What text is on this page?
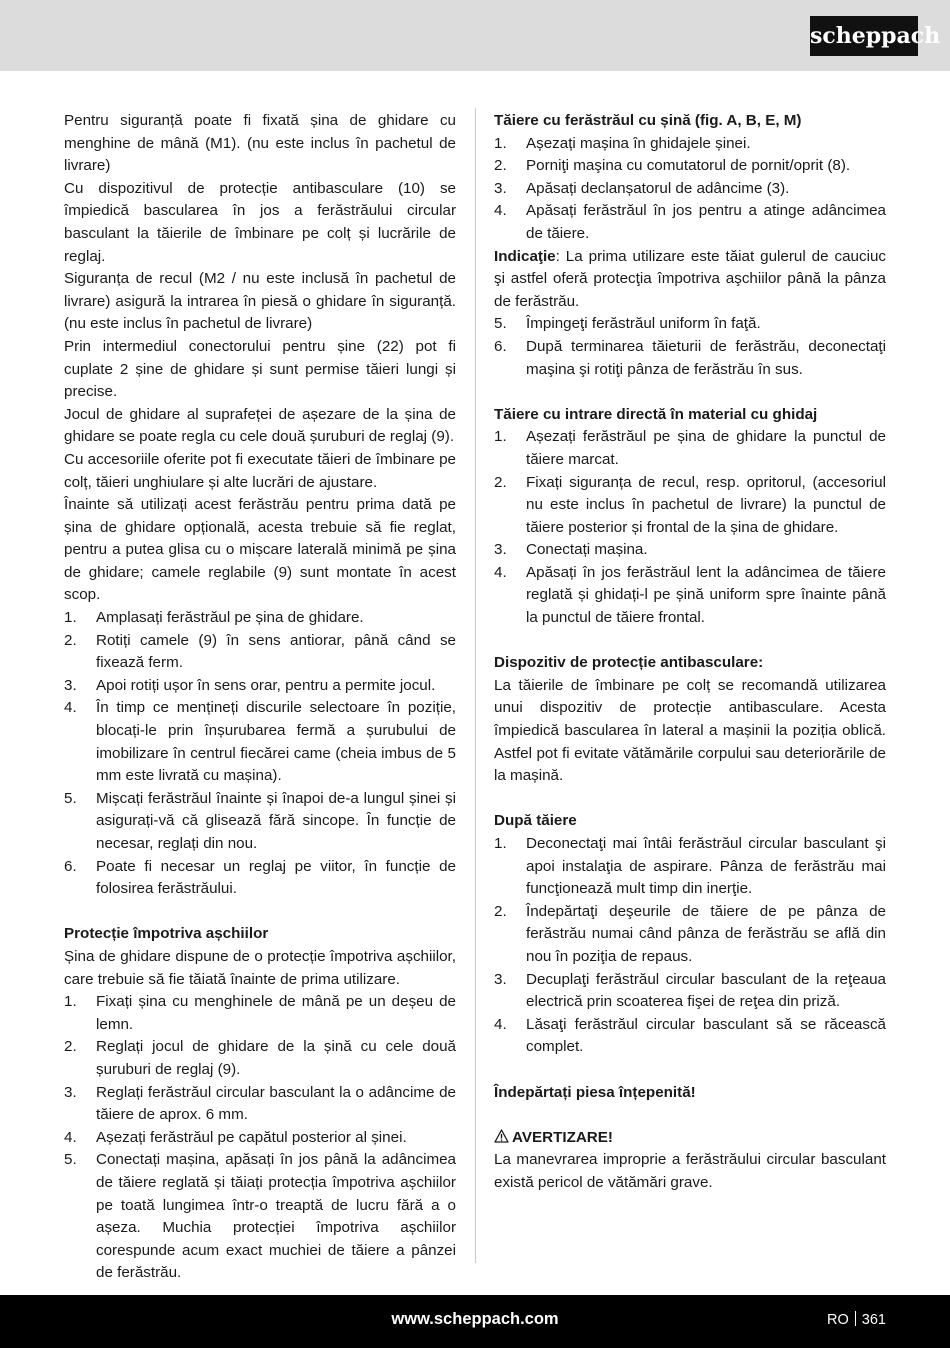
scheppach

Pentru siguranță poate fi fixată șina de ghidare cu menghine de mână (M1). (nu este inclus în pachetul de livrare)

Cu dispozitivul de protecție antibasculare (10) se împiedică bascularea în jos a ferăstrăului circular basculant la tăierile de îmbinare pe colț și lucrările de reglaj.

Siguranța de recul (M2 / nu este inclusă în pachetul de livrare) asigură la intrarea în piesă o ghidare în siguranță. (nu este inclus în pachetul de livrare)

Prin intermediul conectorului pentru șine (22) pot fi cuplate 2 șine de ghidare și sunt permise tăieri lungi și precise.

Jocul de ghidare al suprafeței de așezare de la șina de ghidare se poate regla cu cele două șuruburi de reglaj (9).

Cu accesoriile oferite pot fi executate tăieri de îmbinare pe colț, tăieri unghiulare și alte lucrări de ajustare.

Înainte să utilizați acest ferăstrău pentru prima dată pe șina de ghidare opțională, acesta trebuie să fie reglat, pentru a putea glisa cu o mișcare laterală minimă pe șina de ghidare; camele reglabile (9) sunt montate în acest scop.

1. Amplasați ferăstrăul pe șina de ghidare.
2. Rotiți camele (9) în sens antiorar, până când se fixează ferm.
3. Apoi rotiți ușor în sens orar, pentru a permite jocul.
4. În timp ce mențineți discurile selectoare în poziție, blocați-le prin înșurubarea fermă a șurubului de imobilizare în centrul fiecărei came (cheia imbus de 5 mm este livrată cu mașina).
5. Mișcați ferăstrăul înainte și înapoi de-a lungul șinei și asigurați-vă că glisează fără sincope. În funcție de necesar, reglați din nou.
6. Poate fi necesar un reglaj pe viitor, în funcție de folosirea ferăstrăului.

Protecție împotriva așchiilor

Șina de ghidare dispune de o protecție împotriva așchiilor, care trebuie să fie tăiată înainte de prima utilizare.

1. Fixați șina cu menghinele de mână pe un deșeu de lemn.
2. Reglați jocul de ghidare de la șină cu cele două șuruburi de reglaj (9).
3. Reglați ferăstrăul circular basculant la o adâncime de tăiere de aprox. 6 mm.
4. Așezați ferăstrăul pe capătul posterior al șinei.
5. Conectați mașina, apăsați în jos până la adâncimea de tăiere reglată și tăiați protecția împotriva așchiilor pe toată lungimea într-o treaptă de lucru fără a o așeza. Muchia protecției împotriva așchiilor corespunde acum exact muchiei de tăiere a pânzei de ferăstrău.

Tăiere cu ferăstrăul cu șină (fig. A, B, E, M)

1. Așezați mașina în ghidajele șinei.
2. Porniţi maşina cu comutatorul de pornit/oprit (8).
3. Apăsați declanșatorul de adâncime (3).
4. Apăsați ferăstrăul în jos pentru a atinge adâncimea de tăiere.

Indicaţie: La prima utilizare este tăiat gulerul de cauciuc şi astfel oferă protecţia împotriva aşchiilor până la pânza de ferăstrău.

5. Împingeţi ferăstrăul uniform în faţă.
6. După terminarea tăieturii de ferăstrău, deconectaţi maşina şi rotiţi pânza de ferăstrău în sus.

Tăiere cu intrare directă în material cu ghidaj

1. Așezați ferăstrăul pe șina de ghidare la punctul de tăiere marcat.
2. Fixați siguranța de recul, resp. opritorul, (accesoriul nu este inclus în pachetul de livrare) la punctul de tăiere posterior și frontal de la șina de ghidare.
3. Conectați mașina.
4. Apăsați în jos ferăstrăul lent la adâncimea de tăiere reglată și ghidați-l pe șină uniform spre înainte până la punctul de tăiere frontal.

Dispozitiv de protecție antibasculare:

La tăierile de îmbinare pe colț se recomandă utilizarea unui dispozitiv de protecție antibasculare. Acesta împiedică bascularea în lateral a mașinii la poziția oblică. Astfel pot fi evitate vătămările corpului sau deteriorările de la mașină.

După tăiere

1. Deconectaţi mai întâi ferăstrăul circular basculant şi apoi instalaţia de aspirare. Pânza de ferăstrău mai funcţionează mult timp din inerţie.
2. Îndepărtaţi deşeurile de tăiere de pe pânza de ferăstrău numai când pânza de ferăstrău se află din nou în poziţia de repaus.
3. Decuplaţi ferăstrăul circular basculant de la reţeaua electrică prin scoaterea fişei de reţea din priză.
4. Lăsaţi ferăstrăul circular basculant să se răcească complet.

Îndepărtați piesa înțepenită!

AVERTIZARE!

La manevrarea improprie a ferăstrăului circular basculant există pericol de vătămări grave.

www.scheppach.com	RO 361
